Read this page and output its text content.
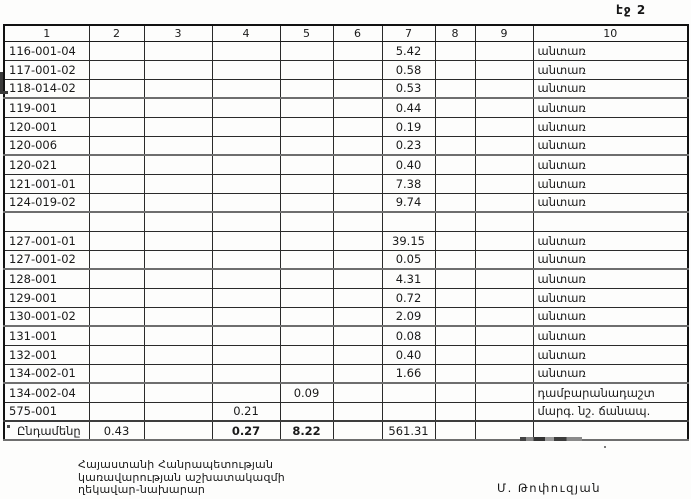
էջ 2
1	2	3	4	5	6	7	8	9	10
116-001-04						5.42			անտառ
117-001-02						0.58			անտառ
118-014-02						0.53			անտառ
119-001						0.44			անտառ
120-001						0.19			անտառ
120-006						0.23			անտառ
120-021						0.40			անտառ
121-001-01						7.38			անտառ
124-019-02						9.74			անտառ

127-001-01						39.15			անտառ
127-001-02						0.05			անտառ
128-001						4.31			անտառ
129-001						0.72			անտառ
130-001-02						2.09			անտառ
131-001						0.08			անտառ
132-001						0.40			անտառ
134-002-01						1.66			անտառ
134-002-04				0.09					դամբարանադաշտ
575-001			0.21						մարգ. նշ. ճանապ.
Ընդամենը	0.43		0.27	8.22		561.31			
Հայաստանի Հանրապետության
կառավարության աշխատակազմի
ղեկավար-նախարար	Մ. Թոփուզյան
